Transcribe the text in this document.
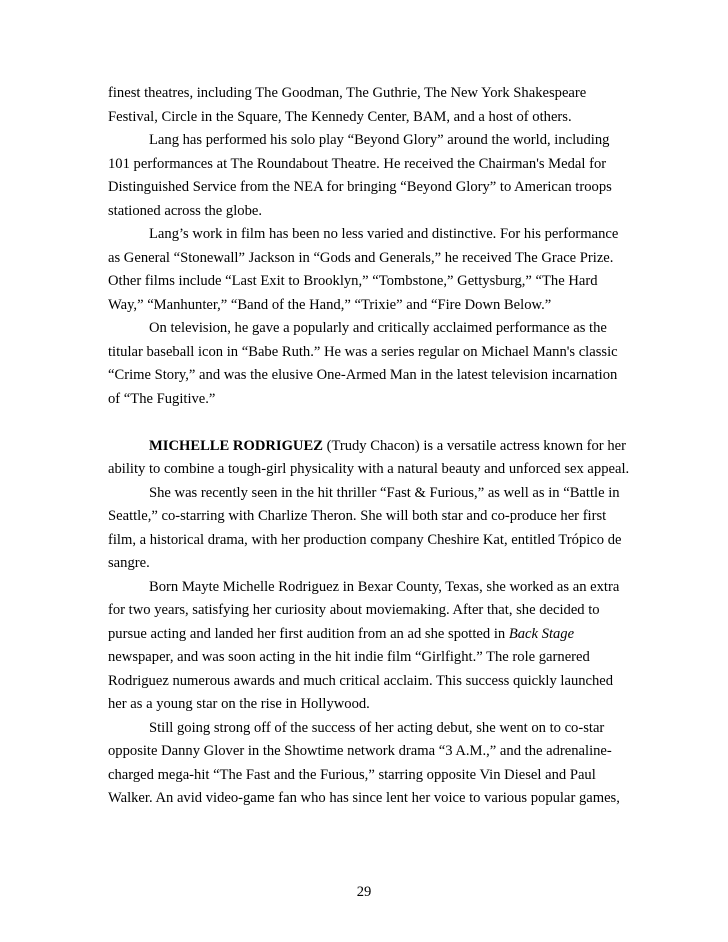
finest theatres, including The Goodman, The Guthrie, The New York Shakespeare
Festival, Circle in the Square, The Kennedy Center, BAM, and a host of others.
Lang has performed his solo play “Beyond Glory” around the world, including
101 performances at The Roundabout Theatre. He received the Chairman's Medal for
Distinguished Service from the NEA for bringing “Beyond Glory” to American troops
stationed across the globe.
Lang’s work in film has been no less varied and distinctive. For his performance
as General “Stonewall” Jackson in “Gods and Generals,” he received The Grace Prize.
Other films include “Last Exit to Brooklyn,” “Tombstone,” Gettysburg,” “The Hard
Way,” “Manhunter,” “Band of the Hand,” “Trixie” and “Fire Down Below.”
On television, he gave a popularly and critically acclaimed performance as the
titular baseball icon in “Babe Ruth.” He was a series regular on Michael Mann's classic
“Crime Story,” and was the elusive One-Armed Man in the latest television incarnation
of “The Fugitive.”
MICHELLE RODRIGUEZ (Trudy Chacon) is a versatile actress known for her
ability to combine a tough-girl physicality with a natural beauty and unforced sex appeal.
She was recently seen in the hit thriller “Fast & Furious,” as well as in “Battle in
Seattle,” co-starring with Charlize Theron. She will both star and co-produce her first
film, a historical drama, with her production company Cheshire Kat, entitled Trópico de
sangre.
Born Mayte Michelle Rodriguez in Bexar County, Texas, she worked as an extra
for two years, satisfying her curiosity about moviemaking. After that, she decided to
pursue acting and landed her first audition from an ad she spotted in Back Stage
newspaper, and was soon acting in the hit indie film “Girlfight.” The role garnered
Rodriguez numerous awards and much critical acclaim. This success quickly launched
her as a young star on the rise in Hollywood.
Still going strong off of the success of her acting debut, she went on to co-star
opposite Danny Glover in the Showtime network drama “3 A.M.,” and the adrenaline-
charged mega-hit “The Fast and the Furious,” starring opposite Vin Diesel and Paul
Walker. An avid video-game fan who has since lent her voice to various popular games,
29
